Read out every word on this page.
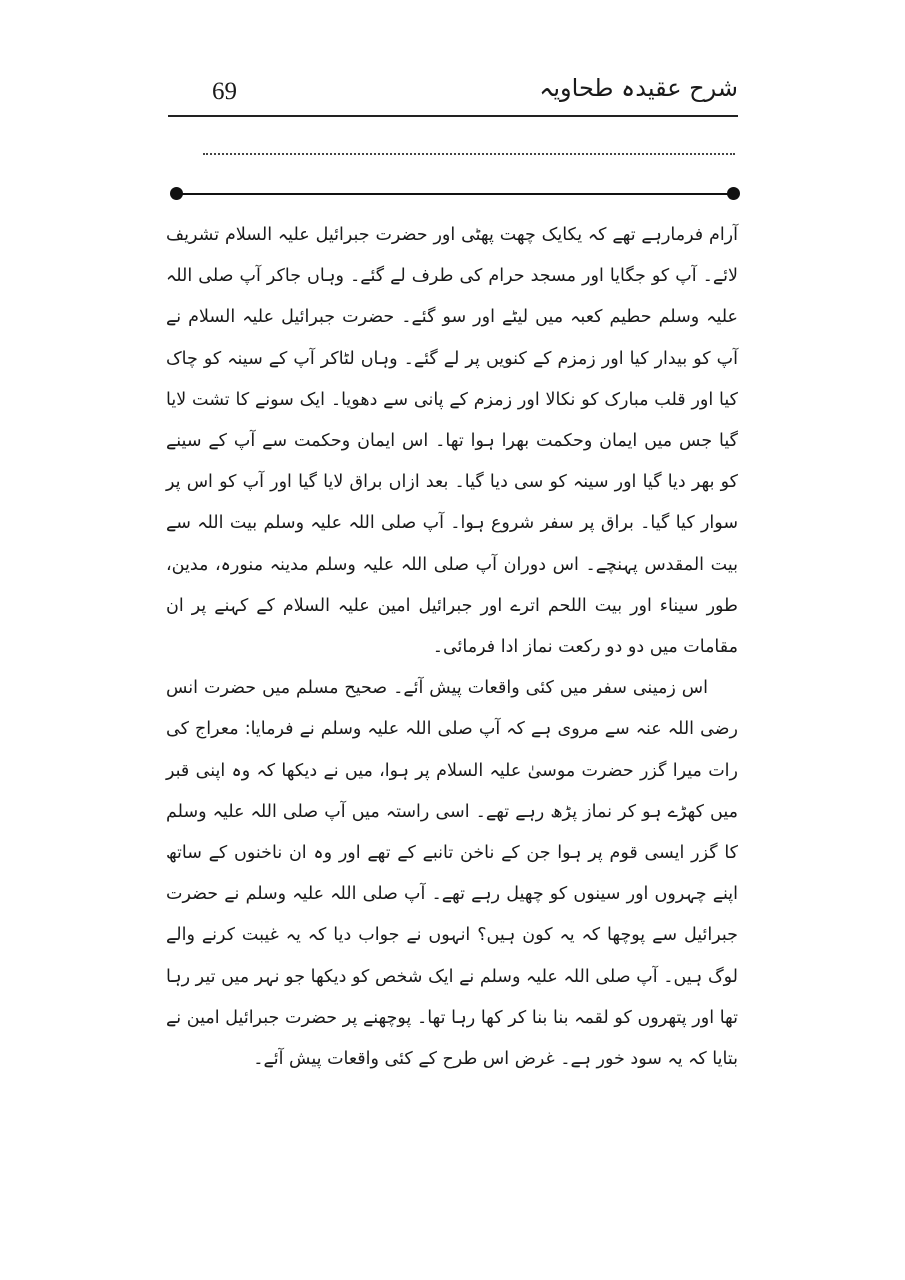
69	شرح عقیدہ طحاویہ

آرام فرمارہے تھے کہ یکایک چھت پھٹی اور حضرت جبرائیل علیہ السلام تشریف لائے۔ آپ کو جگایا اور مسجد حرام کی طرف لے گئے۔ وہاں جاکر آپ صلی اللہ علیہ وسلم حطیم کعبہ میں لیٹے اور سو گئے۔ حضرت جبرائیل علیہ السلام نے آپ کو بیدار کیا اور زمزم کے کنویں پر لے گئے۔ وہاں لٹاکر آپ کے سینہ کو چاک کیا اور قلب مبارک کو نکالا اور زمزم کے پانی سے دھویا۔ ایک سونے کا تشت لایا گیا جس میں ایمان وحکمت بھرا ہوا تھا۔ اس ایمان وحکمت سے آپ کے سینے کو بھر دیا گیا اور سینہ کو سی دیا گیا۔ بعد ازاں براق لایا گیا اور آپ کو اس پر سوار کیا گیا۔ براق پر سفر شروع ہوا۔ آپ صلی اللہ علیہ وسلم بیت اللہ سے بیت المقدس پہنچے۔ اس دوران آپ صلی اللہ علیہ وسلم مدینہ منورہ، مدین، طور سیناء اور بیت اللحم اترے اور جبرائیل امین علیہ السلام کے کہنے پر ان مقامات میں دو دو رکعت نماز ادا فرمائی۔

اس زمینی سفر میں کئی واقعات پیش آئے۔ صحیح مسلم میں حضرت انس رضی اللہ عنہ سے مروی ہے کہ آپ صلی اللہ علیہ وسلم نے فرمایا: معراج کی رات میرا گزر حضرت موسیٰ علیہ السلام پر ہوا، میں نے دیکھا کہ وہ اپنی قبر میں کھڑے ہو کر نماز پڑھ رہے تھے۔ اسی راستہ میں آپ صلی اللہ علیہ وسلم کا گزر ایسی قوم پر ہوا جن کے ناخن تانبے کے تھے اور وہ ان ناخنوں کے ساتھ اپنے چہروں اور سینوں کو چھیل رہے تھے۔ آپ صلی اللہ علیہ وسلم نے حضرت جبرائیل سے پوچھا کہ یہ کون ہیں؟ انہوں نے جواب دیا کہ یہ غیبت کرنے والے لوگ ہیں۔ آپ صلی اللہ علیہ وسلم نے ایک شخص کو دیکھا جو نہر میں تیر رہا تھا اور پتھروں کو لقمہ بنا بنا کر کھا رہا تھا۔ پوچھنے پر حضرت جبرائیل امین نے بتایا کہ یہ سود خور ہے۔ غرض اس طرح کے کئی واقعات پیش آئے۔
